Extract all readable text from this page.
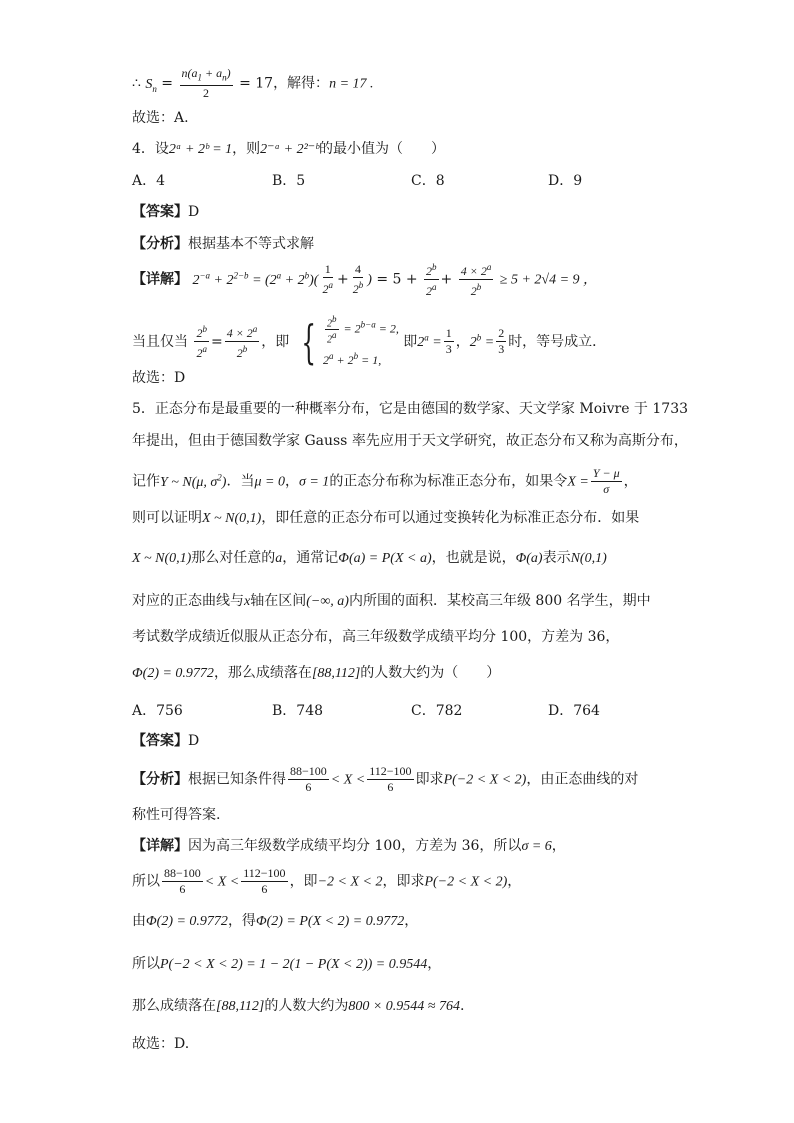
∴ $S_n = \frac{n(a_1 + a_n)}{2} = 17$，解得：n = 17 .
故选：A.
4．设2ᵃ + 2ᵇ = 1，则2⁻ᵃ + 2²⁻ᵇ的最小值为（　　）
A．4	B．5	C．8	D．9
【答案】D
【分析】根据基本不等式求解
【详解】 $2^{-a} + 2^{2-b} = (2^a + 2^b)( \frac{1}{2^a} + \frac{4}{2^b}$ ) = $5 + \frac{2^b}{2^a} + \frac{4 \times 2^a}{2^b} \ge 5 + 2√4 = 9$ ，
当且仅当 $\frac{2^b}{2^a} = \frac{4 \times 2^a}{2^b}$ ，即 { $\frac{2^b}{2^a} = 2^{b-a} = 2$,
$2^a + 2^b = 1$,
即$2^a = \frac{1}{3}$ ，$2^b = \frac{2}{3}$ 时，等号成立．
故选：D
5．正态分布是最重要的一种概率分布，它是由德国的数学家、天文学家 Moivre 于 1733
年提出，但由于德国数学家 Gauss 率先应用于天文学研究，故正态分布又称为高斯分布，
记作Y ~ N(μ, $\sigma^2$)．当μ = 0，σ = 1的正态分布称为标准正态分布，如果令$X = \frac{Y - \mu}{\sigma}$ ，
则可以证明X ~ N(0,1)，即任意的正态分布可以通过变换转化为标准正态分布．如果
X ~ N(0,1)那么对任意的a，通常记Φ(a) = P(X < a)，也就是说，Φ(a)表示N(0,1)
对应的正态曲线与x轴在区间(−∞, a)内所围的面积．某校高三年级 800 名学生，期中
考试数学成绩近似服从正态分布，高三年级数学成绩平均分 100，方差为 36，
Φ(2) = 0.9772，那么成绩落在[88,112]的人数大约为（　　）
A．756	B．748	C．782	D．764
【答案】D
【分析】根据已知条件得 $\frac{88-100}{6} < X < \frac{112-100}{6}$ 即求P(−2 < X < 2)，由正态曲线的对
称性可得答案.
【详解】因为高三年级数学成绩平均分 100，方差为 36，所以σ = 6，
所以 $\frac{88-100}{6} < X < \frac{112-100}{6}$ ，即−2 < X < 2，即求P(−2 < X < 2)，
由Φ(2) = 0.9772，得Φ(2) = P(X < 2) = 0.9772，
所以P(−2 < X < 2) = 1 − 2(1 − P(X < 2)) = 0.9544，
那么成绩落在[88,112]的人数大约为800 × 0.9544 ≈ 764.
故选：D.
